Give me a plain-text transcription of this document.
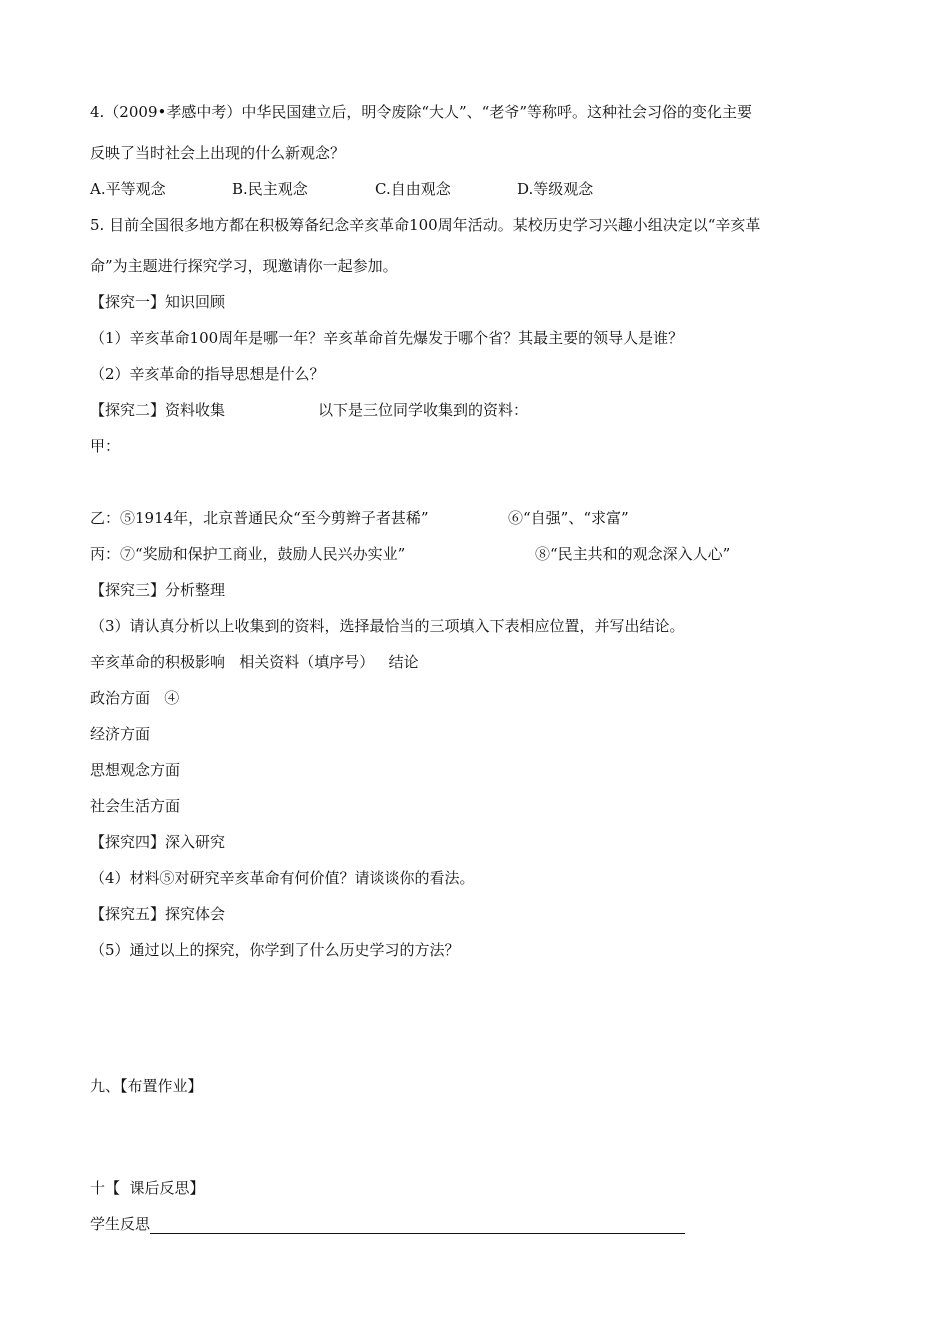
4.（2009•孝感中考）中华民国建立后，明令废除“大人”、“老爷”等称呼。这种社会习俗的变化主要
反映了当时社会上出现的什么新观念？
A.平等观念	B.民主观念	C.自由观念	D.等级观念
5. 目前全国很多地方都在积极筹备纪念辛亥革命100周年活动。某校历史学习兴趣小组决定以“辛亥革
命”为主题进行探究学习，现邀请你一起参加。
【探究一】知识回顾
（1）辛亥革命100周年是哪一年？辛亥革命首先爆发于哪个省？其最主要的领导人是谁？
（2）辛亥革命的指导思想是什么？
【探究二】资料收集	以下是三位同学收集到的资料：
甲：
乙：⑤1914年，北京普通民众“至今剪辫子者甚稀”	⑥“自强”、“求富”
丙：⑦“奖励和保护工商业，鼓励人民兴办实业”	⑧“民主共和的观念深入人心”
【探究三】分析整理
（3）请认真分析以上收集到的资料，选择最恰当的三项填入下表相应位置，并写出结论。
辛亥革命的积极影响   相关资料（填序号）   结论
政治方面   ④
经济方面
思想观念方面
社会生活方面
【探究四】深入研究
（4）材料⑤对研究辛亥革命有何价值？请谈谈你的看法。
【探究五】探究体会
（5）通过以上的探究，你学到了什么历史学习的方法？
九、【布置作业】
十【  课后反思】
学生反思
